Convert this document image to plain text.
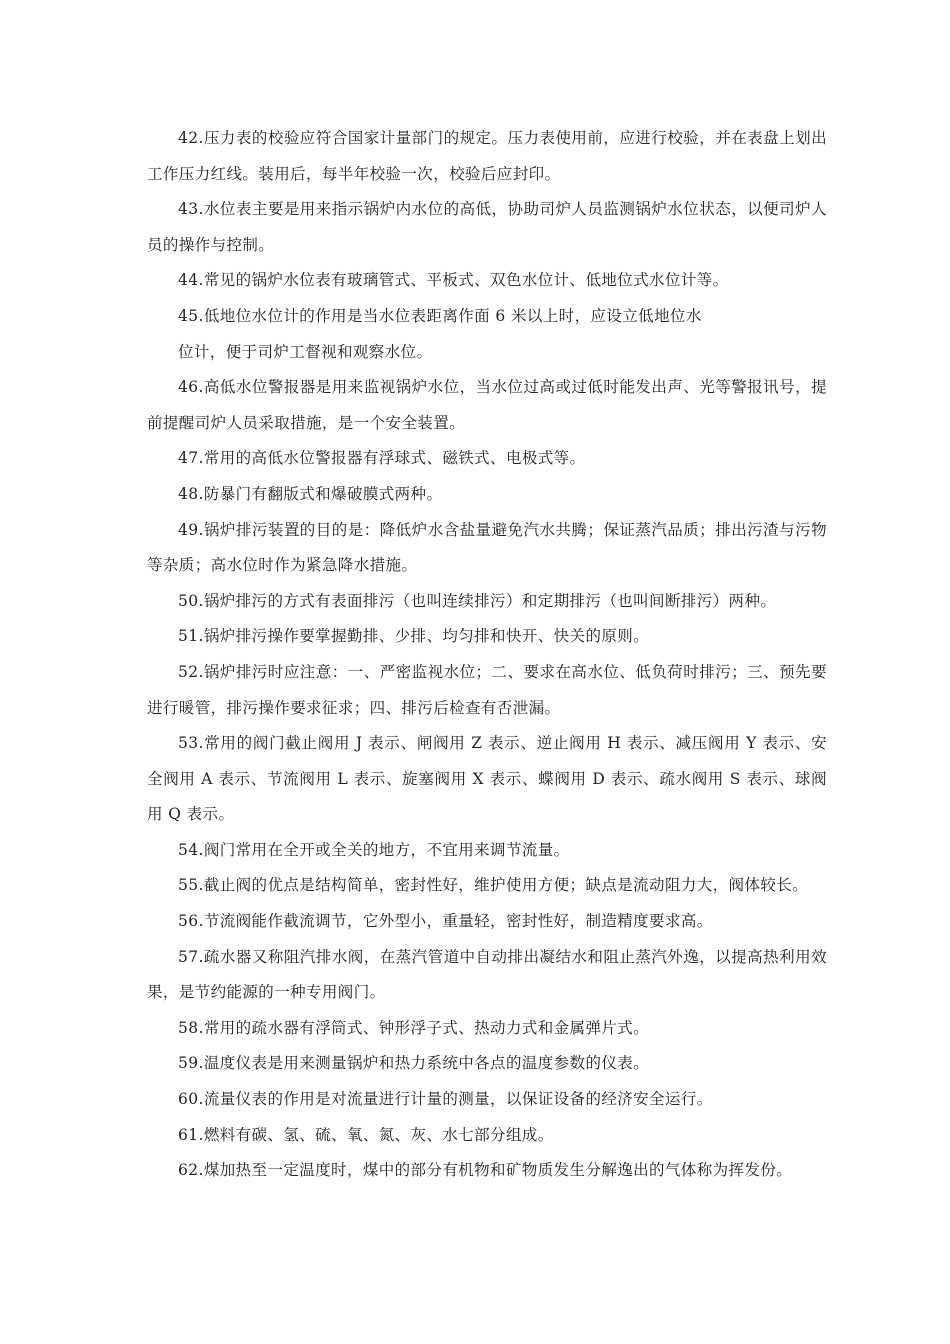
42.压力表的校验应符合国家计量部门的规定。压力表使用前，应进行校验，并在表盘上划出工作压力红线。装用后，每半年校验一次，校验后应封印。

43.水位表主要是用来指示锅炉内水位的高低，协助司炉人员监测锅炉水位状态，以便司炉人员的操作与控制。

44.常见的锅炉水位表有玻璃管式、平板式、双色水位计、低地位式水位计等。

45.低地位水位计的作用是当水位表距离作面 6 米以上时，应设立低地位水

位计，便于司炉工督视和观察水位。

46.高低水位警报器是用来监视锅炉水位，当水位过高或过低时能发出声、光等警报讯号，提前提醒司炉人员采取措施，是一个安全装置。

47.常用的高低水位警报器有浮球式、磁铁式、电极式等。

48.防暴门有翻版式和爆破膜式两种。

49.锅炉排污装置的目的是：降低炉水含盐量避免汽水共腾；保证蒸汽品质；排出污渣与污物等杂质；高水位时作为紧急降水措施。

50.锅炉排污的方式有表面排污（也叫连续排污）和定期排污（也叫间断排污）两种。

51.锅炉排污操作要掌握勤排、少排、均匀排和快开、快关的原则。

52.锅炉排污时应注意：一、严密监视水位；二、要求在高水位、低负荷时排污；三、预先要进行暖管，排污操作要求征求；四、排污后检查有否泄漏。

53.常用的阀门截止阀用 J 表示、闸阀用 Z 表示、逆止阀用 H 表示、减压阀用 Y 表示、安全阀用 A 表示、节流阀用 L 表示、旋塞阀用 X 表示、蝶阀用 D 表示、疏水阀用 S 表示、球阀用 Q 表示。

54.阀门常用在全开或全关的地方，不宜用来调节流量。

55.截止阀的优点是结构简单，密封性好，维护使用方便；缺点是流动阻力大，阀体较长。

56.节流阀能作截流调节，它外型小，重量轻，密封性好，制造精度要求高。

57.疏水器又称阻汽排水阀，在蒸汽管道中自动排出凝结水和阻止蒸汽外逸，以提高热利用效果，是节约能源的一种专用阀门。

58.常用的疏水器有浮筒式、钟形浮子式、热动力式和金属弹片式。

59.温度仪表是用来测量锅炉和热力系统中各点的温度参数的仪表。

60.流量仪表的作用是对流量进行计量的测量，以保证设备的经济安全运行。

61.燃料有碳、氢、硫、氧、氮、灰、水七部分组成。

62.煤加热至一定温度时，煤中的部分有机物和矿物质发生分解逸出的气体称为挥发份。
